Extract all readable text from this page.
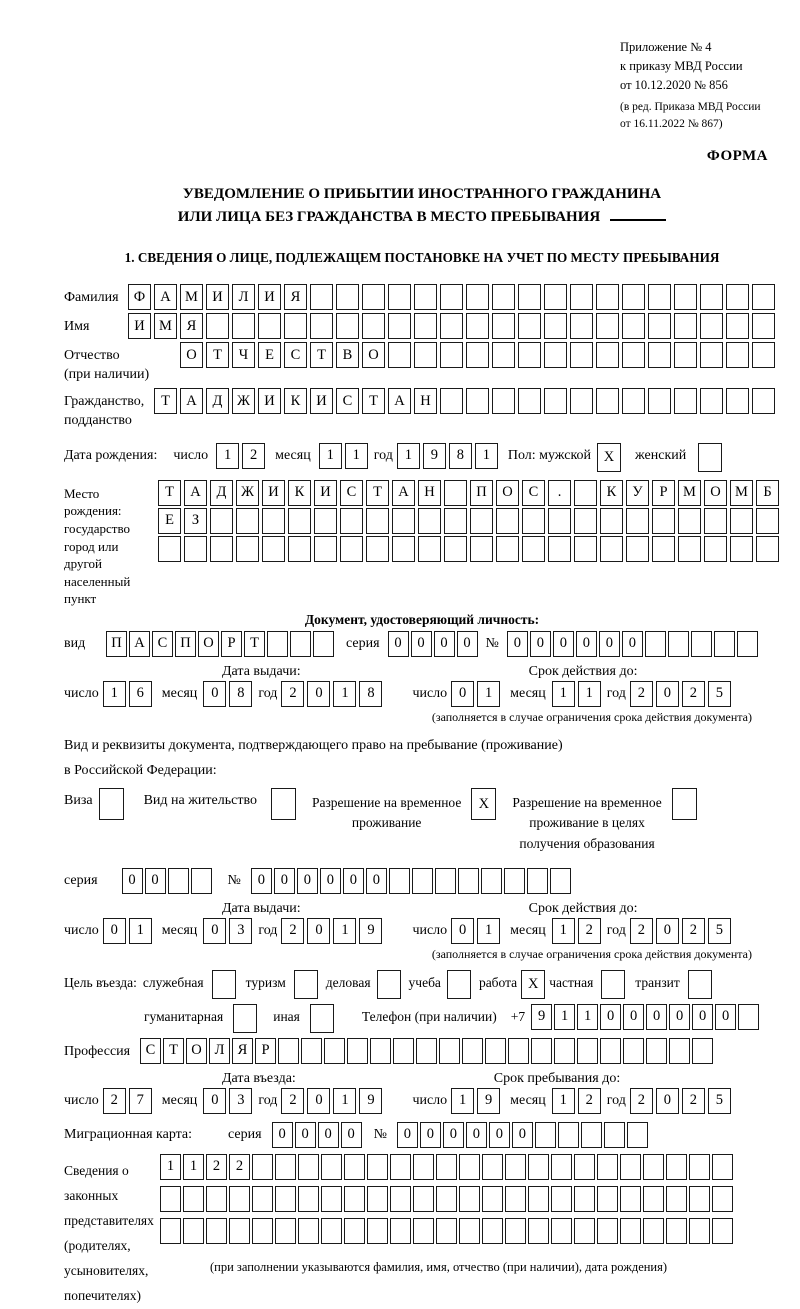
Приложение № 4
к приказу МВД России
от 10.12.2020 № 856
(в ред. Приказа МВД России
от 16.11.2022 № 867)
ФОРМА
УВЕДОМЛЕНИЕ О ПРИБЫТИИ ИНОСТРАННОГО ГРАЖДАНИНА
ИЛИ ЛИЦА БЕЗ ГРАЖДАНСТВА В МЕСТО ПРЕБЫВАНИЯ
1. СВЕДЕНИЯ О ЛИЦЕ, ПОДЛЕЖАЩЕМ ПОСТАНОВКЕ НА УЧЕТ ПО МЕСТУ ПРЕБЫВАНИЯ
Фамилия	Ф	А М И	Л	И	Я
Имя	И М	Я
Отчество
(при наличии)
О	Т	Ч	Е	С	Т	В	О
Гражданство,
подданство
Т	А	Д	Ж И	К	И	С	Т	А	Н
Дата рождения: число	1	2	месяц	1	1 год 1	9	8	1	Пол: мужской X	женский
Место рождения:
государство
город или другой
населенный пункт
Т	А	Д	Ж И	К	И	С	Т	А	Н	П	О	С	.	К	У	Р	М О М	Б
Е	З
Документ, удостоверяющий личность:
вид	П А С П О Р	Т	серия	0	0	0	0	№	0	0	0	0	0	0
Дата выдачи:	Срок действия до:
число 1	6	месяц 0	8 год 2	0	1	8	число 0	1	месяц 1	1 год 2	0	2	5
(заполняется в случае ограничения срока действия документа)
Вид и реквизиты документа, подтверждающего право на пребывание (проживание)
в Российской Федерации:
Виза	Вид на жительство	Разрешение на временное
проживание
X	Разрешение на временное
проживание в целях
получения образования
серия	0	0	№	0	0	0	0	0	0
Дата выдачи:	Срок действия до:
число 0	1	месяц 0	3 год 2	0	1	9	число 0	1	месяц 1	2 год 2	0	2	5
(заполняется в случае ограничения срока действия документа)
Цель въезда: служебная	туризм	деловая	учеба	работа X частная	транзит
гуманитарная	иная	Телефон (при наличии) +7 9	1	1	0	0	0	0	0	0
Профессия	С Т О Л Я Р
Дата въезда:	Срок пребывания до:
число 2	7	месяц 0	3 год 2	0	1	9	число 1	9	месяц 1	2 год 2	0	2	5
Миграционная карта:	серия	0	0	0	0	№	0	0	0	0	0	0
Сведения о
законных
представителях
(родителях,
усыновителях,
попечителях)
1	1	2	2
(при заполнении указываются фамилия, имя, отчество (при наличии), дата рождения)
